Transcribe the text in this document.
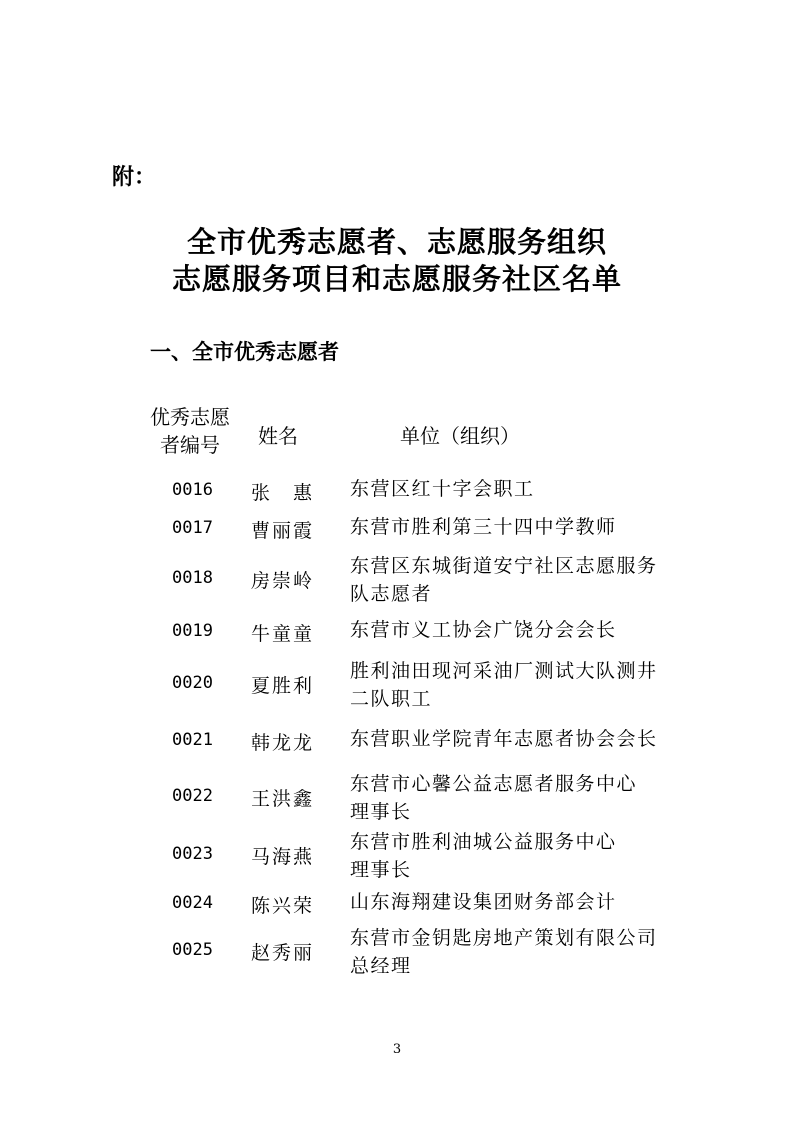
附：
全市优秀志愿者、志愿服务组织
志愿服务项目和志愿服务社区名单
一、全市优秀志愿者
优秀志愿
者编号	姓名	单位（组织）
0016 张　惠 东营区红十字会职工
0017 曹丽霞 东营市胜利第三十四中学教师
0018 房崇岭
东营区东城街道安宁社区志愿服务
队志愿者
0019 牛童童 东营市义工协会广饶分会会长
0020 夏胜利
胜利油田现河采油厂测试大队测井
二队职工
0021 韩龙龙 东营职业学院青年志愿者协会会长
0022 王洪鑫
东营市心馨公益志愿者服务中心
理事长
0023 马海燕
东营市胜利油城公益服务中心
理事长
0024 陈兴荣 山东海翔建设集团财务部会计
0025 赵秀丽
东营市金钥匙房地产策划有限公司
总经理
3
